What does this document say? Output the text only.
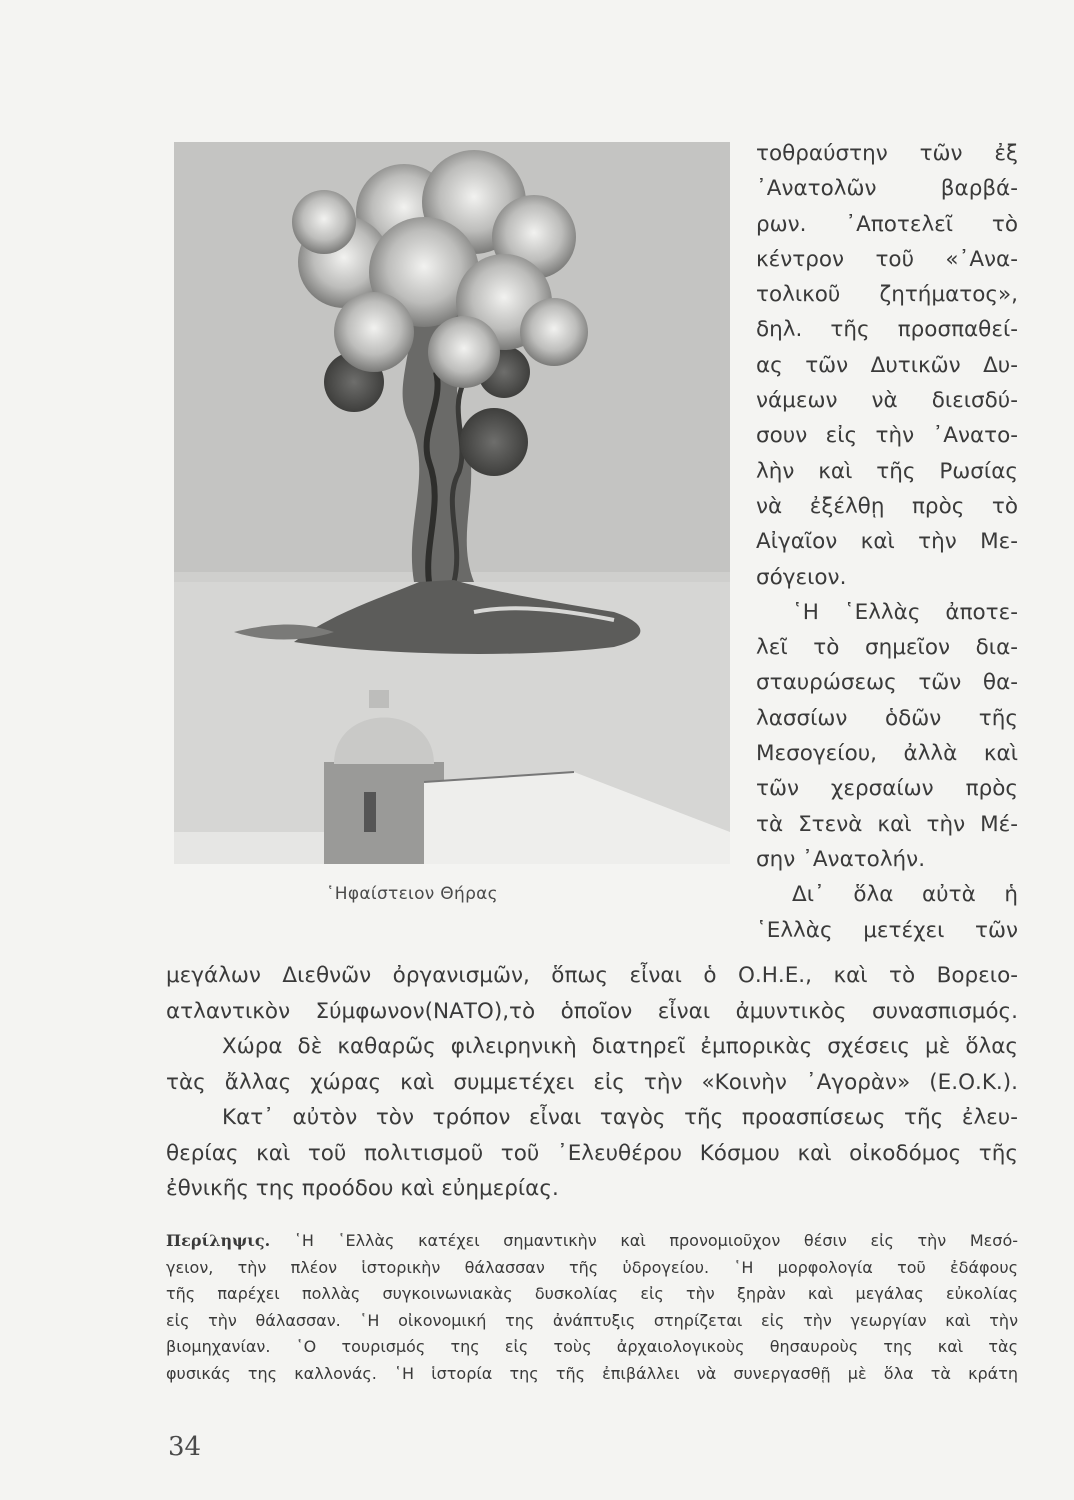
῾Ηφαίστειον Θήρας
τοθραύστην τῶν ἐξ
᾿Ανατολῶν βαρβά-
ρων. ᾿Αποτελεῖ τὸ
κέντρον τοῦ «᾿Ανα-
τολικοῦ ζητήματος»,
δηλ. τῆς προσπαθεί-
ας τῶν Δυτικῶν Δυ-
νάμεων νὰ διεισδύ-
σουν εἰς τὴν ᾿Ανατο-
λὴν καὶ τῆς Ρωσίας
νὰ ἐξέλθῃ πρὸς τὸ
Αἰγαῖον καὶ τὴν Με-
σόγειον.
῾Η ῾Ελλὰς ἀποτε-
λεῖ τὸ σημεῖον δια-
σταυρώσεως τῶν θα-
λασσίων ὁδῶν τῆς
Μεσογείου, ἀλλὰ καὶ
τῶν χερσαίων πρὸς
τὰ Στενὰ καὶ τὴν Μέ-
σην ᾿Ανατολήν.
Δι᾿ ὅλα αὐτὰ ἡ
῾Ελλὰς μετέχει τῶν
μεγάλων Διεθνῶν ὀργανισμῶν, ὅπως εἶναι ὁ Ο.Η.Ε., καὶ τὸ Βορειο-
ατλαντικὸν Σύμφωνον(ΝΑΤΟ),τὸ ὁποῖον εἶναι ἀμυντικὸς συνασπισμός.
Χώρα δὲ καθαρῶς φιλειρηνικὴ διατηρεῖ ἐμπορικὰς σχέσεις μὲ ὅλας
τὰς ἄλλας χώρας καὶ συμμετέχει εἰς τὴν «Κοινὴν ᾿Αγορὰν» (Ε.Ο.Κ.).
Κατ᾿ αὐτὸν τὸν τρόπον εἶναι ταγὸς τῆς προασπίσεως τῆς ἐλευ-
θερίας καὶ τοῦ πολιτισμοῦ τοῦ ᾿Ελευθέρου Κόσμου καὶ οἰκοδόμος τῆς
ἐθνικῆς της προόδου καὶ εὐημερίας.
Περίληψις. ῾Η ῾Ελλὰς κατέχει σημαντικὴν καὶ προνομιοῦχον θέσιν εἰς τὴν Μεσό-
γειον, τὴν πλέον ἱστορικὴν θάλασσαν τῆς ὑδρογείου. ῾Η μορφολογία τοῦ ἐδάφους
τῆς παρέχει πολλὰς συγκοινωνιακὰς δυσκολίας εἰς τὴν ξηρὰν καὶ μεγάλας εὐκολίας
εἰς τὴν θάλασσαν. ῾Η οἰκονομική της ἀνάπτυξις στηρίζεται εἰς τὴν γεωργίαν καὶ τὴν
βιομηχανίαν. ῾Ο τουρισμός της εἰς τοὺς ἀρχαιολογικοὺς θησαυροὺς της καὶ τὰς
φυσικάς της καλλονάς. ῾Η ἱστορία της τῆς ἐπιβάλλει νὰ συνεργασθῇ μὲ ὅλα τὰ κράτη
34
